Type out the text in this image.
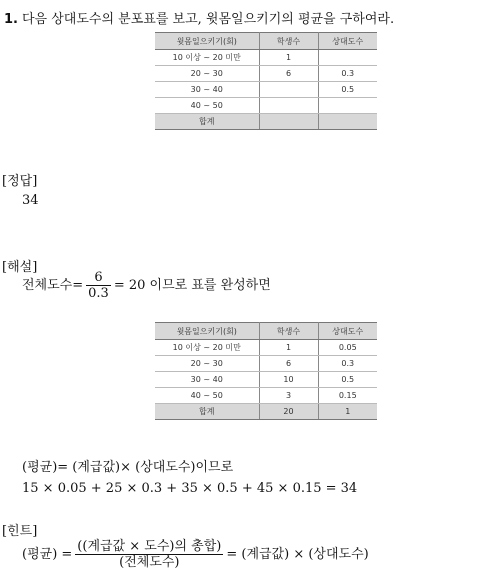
1. 다음 상대도수의 분포표를 보고, 윗몸일으키기의 평균을 구하여라.
윗몸일으키기(회)	학생수	상대도수
10 이상 ~ 20 미만	1	
20 ~ 30	6	0.3
30 ~ 40		0.5
40 ~ 50		
합계		
[정답]
34
[해설]
전체도수= $\frac{6}{0.3} = 20$ 이므로 표를 완성하면
윗몸일으키기(회)	학생수	상대도수
10 이상 ~ 20 미만	1	0.05
20 ~ 30	6	0.3
30 ~ 40	10	0.5
40 ~ 50	3	0.15
합계	20	1
(평균)= (계급값)× (상대도수)이므로
15 × 0.05 + 25 × 0.3 + 35 × 0.5 + 45 × 0.15 = 34
[힌트]
(평균) = $\frac{\text{((계급값 × 도수)의 총합)}}{\text{(전체도수)}}$ = (계급값) × (상대도수)
